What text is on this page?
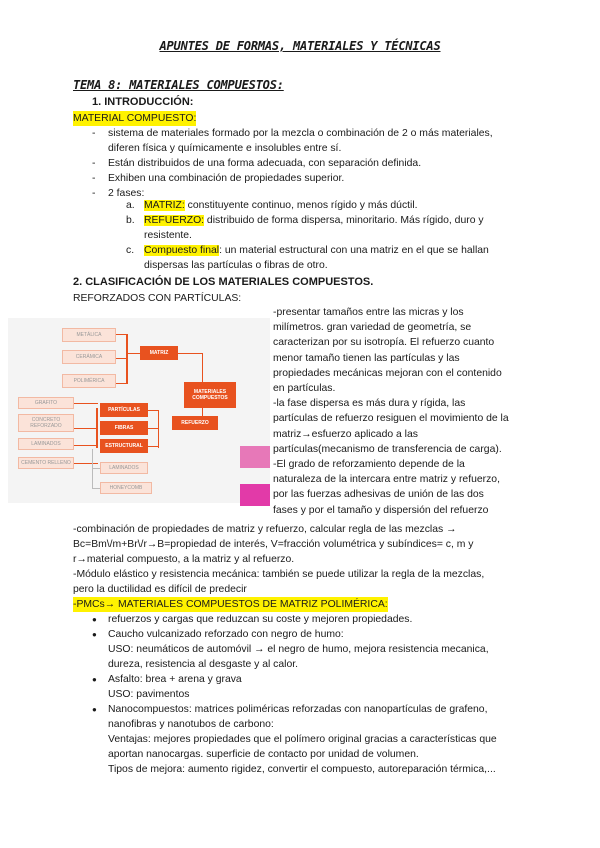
APUNTES DE FORMAS, MATERIALES Y TÉCNICAS
TEMA 8: MATERIALES COMPUESTOS:
1. INTRODUCCIÓN:
MATERIAL COMPUESTO:
- sistema de materiales formado por la mezcla o combinación de 2 o más materiales,
diferen física y químicamente e insolubles entre sí.
- Están distribuidos de una forma adecuada, con separación definida.
- Exhiben una combinación de propiedades superior.
- 2 fases:
a. MATRIZ: constituyente continuo, menos rígido y más dúctil.
b. REFUERZO: distribuido de forma dispersa, minoritario. Más rígido, duro y
resistente.
c. Compuesto final: un material estructural con una matriz en el que se hallan
dispersas las partículas o fibras de otro.
2. CLASIFICACIÓN DE LOS MATERIALES COMPUESTOS.
REFORZADOS CON PARTÍCULAS:
METÁLICA
CERÁMICA
POLIMÉRICA
MATRIZ
MATERIALES COMPUESTOS
REFUERZO
GRAFITO
CONCRETO REFORZADO
LAMINADOS
CEMENTO RELLENO
PARTÍCULAS
FIBRAS
ESTRUCTURAL
LAMINADOS
HONEYCOMB
-presentar tamaños entre las micras y los
milímetros. gran variedad de geometría, se
caracterizan por su isotropía. El refuerzo cuanto
menor tamaño tienen las partículas y las
propiedades mecánicas mejoran con el contenido
en partículas.
-la fase dispersa es más dura y rígida, las
partículas de refuerzo resiguen el movimiento de la
matriz→esfuerzo aplicado a las
partículas(mecanismo de transferencia de carga).
-El grado de reforzamiento depende de la
naturaleza de la intercara entre matriz y refuerzo,
por las fuerzas adhesivas de unión de las dos
fases y por el tamaño y dispersión del refuerzo
-combinación de propiedades de matriz y refuerzo, calcular regla de las mezclas →
Bc=Bm\/m+Br\/r→B=propiedad de interés, V=fracción volumétrica y subíndices= c, m y
r→material compuesto, a la matriz y al refuerzo.
-Módulo elástico y resistencia mecánica: también se puede utilizar la regla de la mezclas,
pero la ductilidad es difícil de predecir
-PMCs→ MATERIALES COMPUESTOS DE MATRIZ POLIMÉRICA:
● refuerzos y cargas que reduzcan su coste y mejoren propiedades.
● Caucho vulcanizado reforzado con negro de humo:
USO: neumáticos de automóvil → el negro de humo, mejora resistencia mecanica,
dureza, resistencia al desgaste y al calor.
● Asfalto: brea + arena y grava
USO: pavimentos
● Nanocompuestos: matrices poliméricas reforzadas con nanopartículas de grafeno,
nanofibras y nanotubos de carbono:
Ventajas: mejores propiedades que el polímero original gracias a características que
aportan nanocargas. superficie de contacto por unidad de volumen.
Tipos de mejora: aumento rigidez, convertir el compuesto, autoreparación térmica,...
